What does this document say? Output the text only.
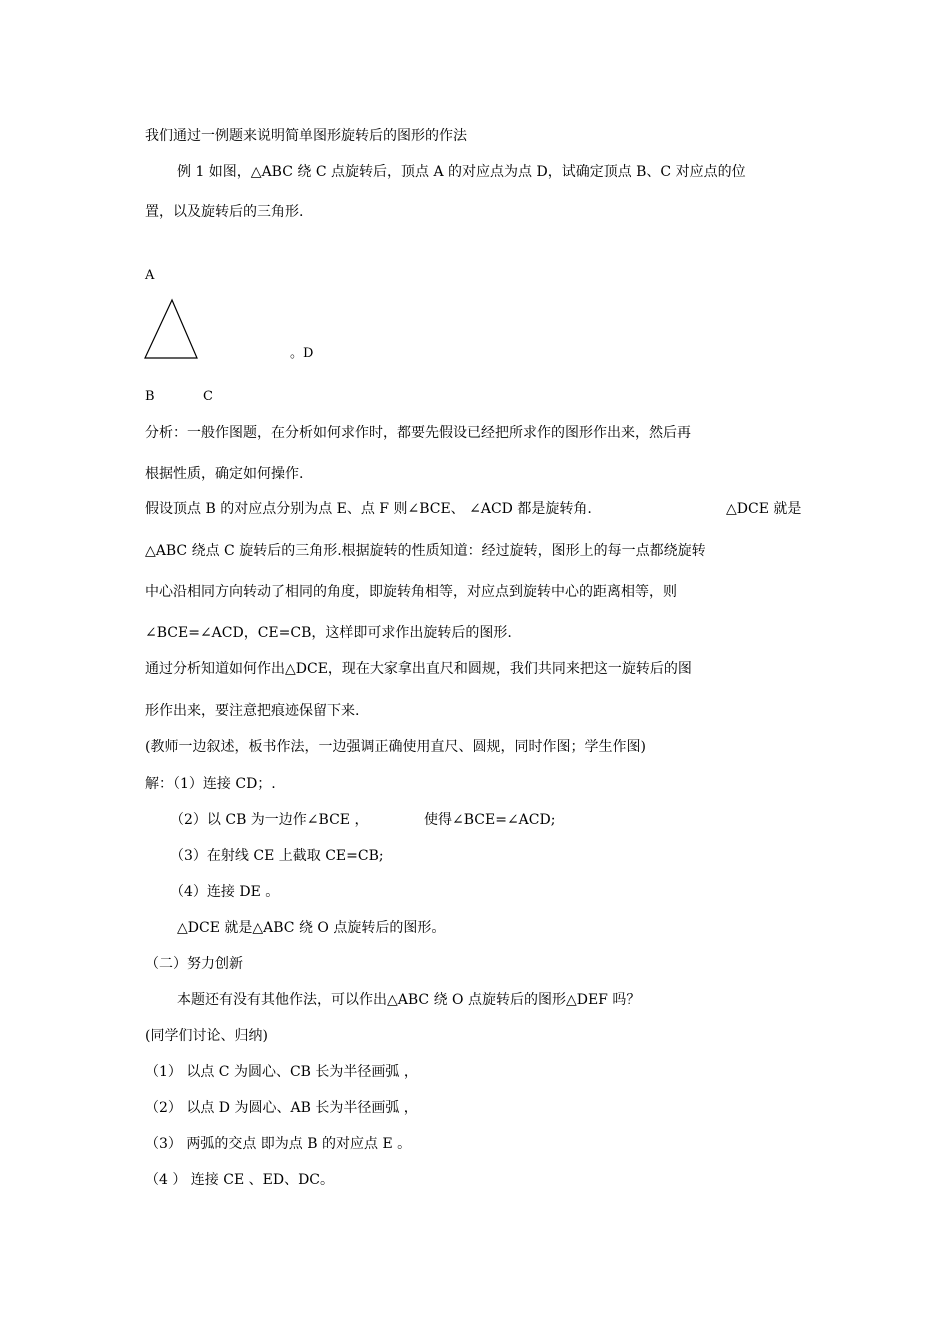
我们通过一例题来说明简单图形旋转后的图形的作法
例 1 如图，△ABC 绕 C 点旋转后，顶点 A 的对应点为点 D，试确定顶点 B、C 对应点的位
置，以及旋转后的三角形.
A
。D
B	C
分析：一般作图题，在分析如何求作时，都要先假设已经把所求作的图形作出来，然后再
根据性质，确定如何操作.
假设顶点 B 的对应点分别为点 E、点 F 则∠BCE、 ∠ACD 都是旋转角.	△DCE 就是
△ABC 绕点 C 旋转后的三角形.根据旋转的性质知道：经过旋转，图形上的每一点都绕旋转
中心沿相同方向转动了相同的角度，即旋转角相等，对应点到旋转中心的距离相等，则
∠BCE=∠ACD，CE=CB，这样即可求作出旋转后的图形.
通过分析知道如何作出△DCE，现在大家拿出直尺和圆规，我们共同来把这一旋转后的图
形作出来，要注意把痕迹保留下来.
(教师一边叙述，板书作法，一边强调正确使用直尺、圆规，同时作图；学生作图)
解：（1）连接 CD；.
（2）以 CB 为一边作∠BCE ，	使得∠BCE=∠ACD;
（3）在射线 CE 上截取 CE=CB;
（4）连接 DE 。
△DCE 就是△ABC 绕 O 点旋转后的图形。
（二）努力创新
本题还有没有其他作法，可以作出△ABC 绕 O 点旋转后的图形△DEF 吗？
(同学们讨论、归纳)
（1） 以点 C 为圆心、CB 长为半径画弧 ，
（2） 以点 D 为圆心、AB 长为半径画弧 ，
（3） 两弧的交点 即为点 B 的对应点 E 。
（4 ） 连接 CE 、ED、DC。
